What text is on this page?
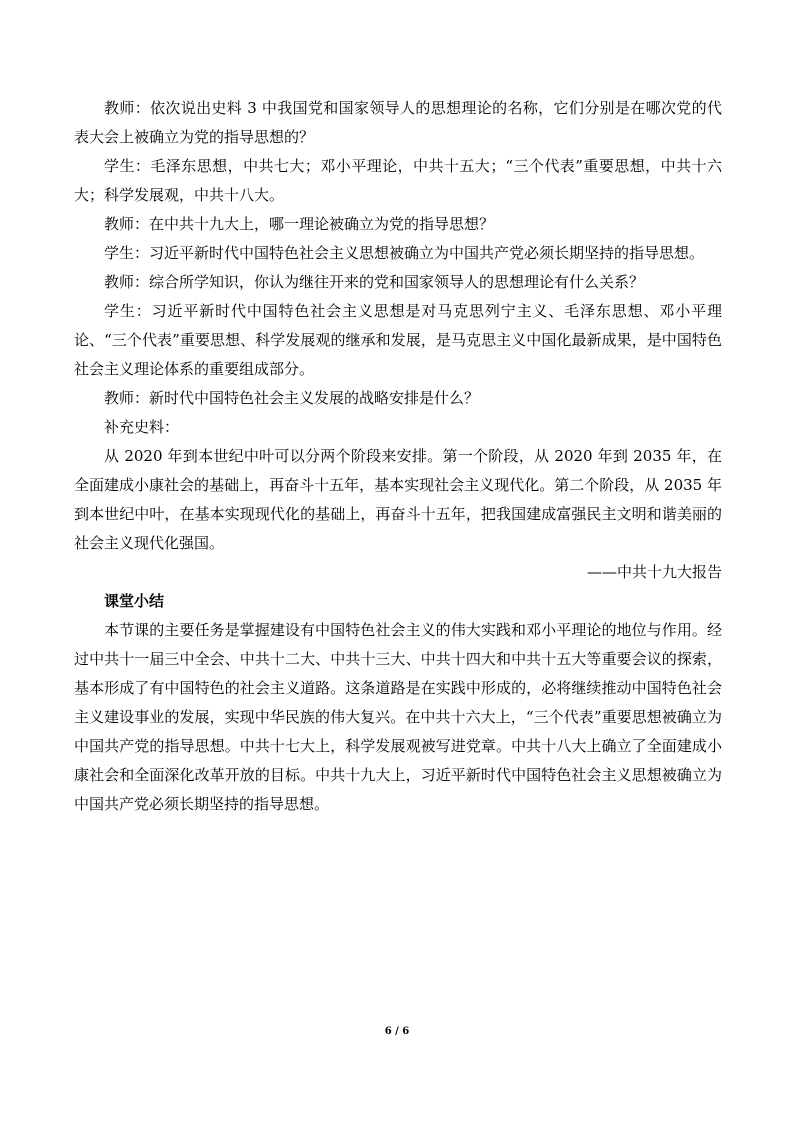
教师：依次说出史料 3 中我国党和国家领导人的思想理论的名称，它们分别是在哪次党的代表大会上被确立为党的指导思想的？

学生：毛泽东思想，中共七大；邓小平理论，中共十五大；“三个代表”重要思想，中共十六大；科学发展观，中共十八大。

教师：在中共十九大上，哪一理论被确立为党的指导思想？

学生：习近平新时代中国特色社会主义思想被确立为中国共产党必须长期坚持的指导思想。

教师：综合所学知识，你认为继往开来的党和国家领导人的思想理论有什么关系？

学生：习近平新时代中国特色社会主义思想是对马克思列宁主义、毛泽东思想、邓小平理论、“三个代表”重要思想、科学发展观的继承和发展，是马克思主义中国化最新成果，是中国特色社会主义理论体系的重要组成部分。

教师：新时代中国特色社会主义发展的战略安排是什么？

补充史料：

从 2020 年到本世纪中叶可以分两个阶段来安排。第一个阶段，从 2020 年到 2035 年，在全面建成小康社会的基础上，再奋斗十五年，基本实现社会主义现代化。第二个阶段，从 2035 年到本世纪中叶，在基本实现现代化的基础上，再奋斗十五年，把我国建成富强民主文明和谐美丽的社会主义现代化强国。

——中共十九大报告

课堂小结

本节课的主要任务是掌握建设有中国特色社会主义的伟大实践和邓小平理论的地位与作用。经过中共十一届三中全会、中共十二大、中共十三大、中共十四大和中共十五大等重要会议的探索，基本形成了有中国特色的社会主义道路。这条道路是在实践中形成的，必将继续推动中国特色社会主义建设事业的发展，实现中华民族的伟大复兴。在中共十六大上，“三个代表”重要思想被确立为中国共产党的指导思想。中共十七大上，科学发展观被写进党章。中共十八大上确立了全面建成小康社会和全面深化改革开放的目标。中共十九大上，习近平新时代中国特色社会主义思想被确立为中国共产党必须长期坚持的指导思想。

6 / 6
